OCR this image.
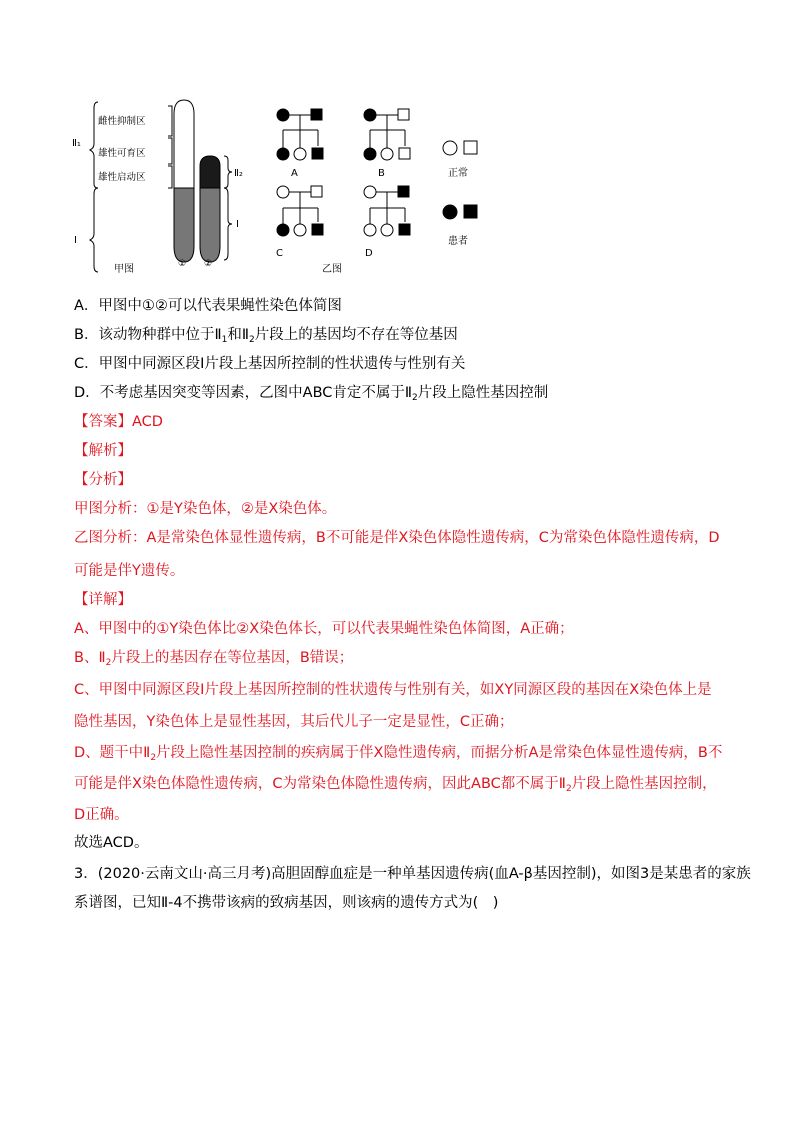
Ⅱ₁
Ⅰ
雌性抑制区
雄性可育区
雄性启动区
① ②
Ⅱ₂
Ⅰ
甲图
A	B
C	D
乙图
正常
患者
A．甲图中①②可以代表果蝇性染色体简图
B．该动物种群中位于$Ⅱ_1$和$Ⅱ_2$片段上的基因均不存在等位基因
C．甲图中同源区段Ⅰ片段上基因所控制的性状遗传与性别有关
D．不考虑基因突变等因素，乙图中ABC肯定不属于$Ⅱ_2$片段上隐性基因控制
【答案】ACD
【解析】
【分析】
甲图分析：①是Y染色体，②是X染色体。
乙图分析：A是常染色体显性遗传病，B不可能是伴X染色体隐性遗传病，C为常染色体隐性遗传病，D
可能是伴Y遗传。
【详解】
A、甲图中的①Y染色体比②X染色体长，可以代表果蝇性染色体简图，A正确；
B、$Ⅱ_2$片段上的基因存在等位基因，B错误；
C、甲图中同源区段Ⅰ片段上基因所控制的性状遗传与性别有关，如XY同源区段的基因在X染色体上是
隐性基因，Y染色体上是显性基因，其后代儿子一定是显性，C正确；
D、题干中$Ⅱ_2$片段上隐性基因控制的疾病属于伴X隐性遗传病，而据分析A是常染色体显性遗传病，B不
可能是伴X染色体隐性遗传病，C为常染色体隐性遗传病，因此ABC都不属于$Ⅱ_2$片段上隐性基因控制，
D正确。
故选ACD。
3．(2020·云南文山·高三月考)高胆固醇血症是一种单基因遗传病(血A-β基因控制)，如图3是某患者的家族
系谱图，已知Ⅱ-4不携带该病的致病基因，则该病的遗传方式为(　)
